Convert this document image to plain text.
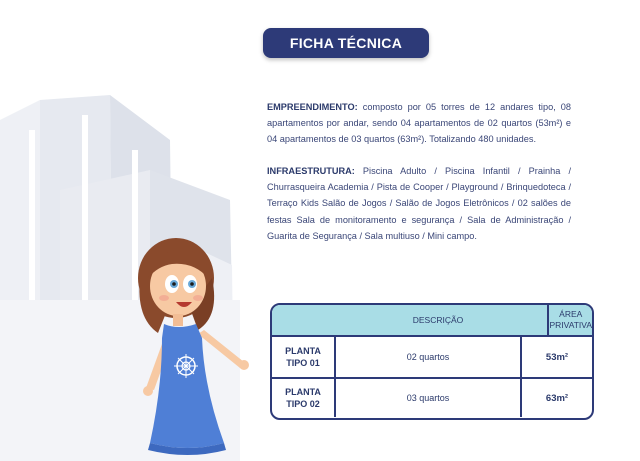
FICHA TÉCNICA
EMPREENDIMENTO: composto por 05 torres de 12 andares tipo, 08 apartamentos por andar, sendo 04 apartamentos de 02 quartos (53m²) e 04 apartamentos de 03 quartos (63m²). Totalizando 480 unidades.
INFRAESTRUTURA: Piscina Adulto / Piscina Infantil / Prainha / Churrasqueira Academia / Pista de Cooper / Playground / Brinquedoteca / Terraço Kids Salão de Jogos / Salão de Jogos Eletrônicos / 02 salões de festas Sala de monitoramento e segurança / Sala de Administração / Guarita de Segurança / Sala multiuso / Mini campo.
DESCRIÇÃO
ÁREA
PRIVATIVA
PLANTA
TIPO 01
02 quartos	53m²
PLANTA
TIPO 02
03 quartos	63m²
